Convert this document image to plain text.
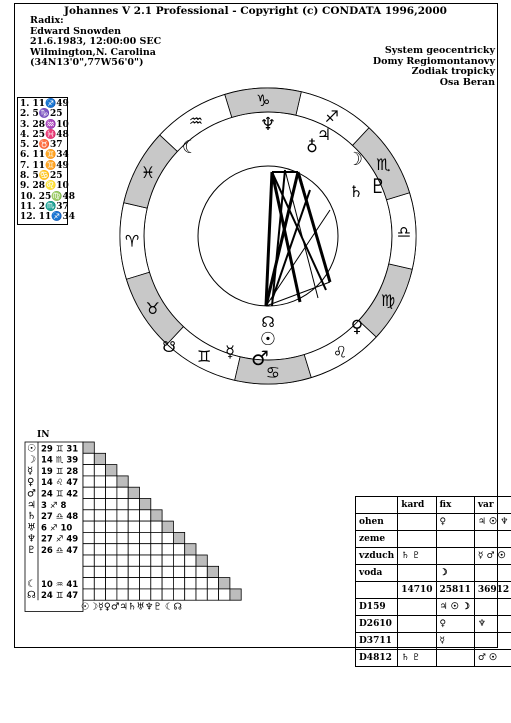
Johannes V 2.1 Professional - Copyright (c) CONDATA 1996,2000
Radix:
Edward Snowden
21.6.1983, 12:00:00 SEC
Wilmington,N. Carolina
(34N13'0",77W56'0")
System geocentricky
Domy Regiomontanovy
Zodiak tropicky
Osa Beran
1. 11♐49
2. 5♑25
3. 28♒10
4. 25♓48
5. 2♉37
6. 11♊34
7. 11♊49
8. 5♋25
9. 28♌10
10. 25♍48
11. 2♏37
12. 11♐34
♈
♉
♊
♋
♌
♍
♎
♏
♐
♑
♒
♓
♆	♃
♁
☽
♄ ♇
☊
☉
♀
☿ ♂
☋
☾
IN
☉ 29 ♊ 31
☽ 14 ♏ 39
☿ 19 ♊ 28
♀ 14 ♌ 47
♂ 24 ♊ 42
♃ 3 ♐ 8
♄ 27 ♎ 48
♅ 6 ♐ 10
♆ 27 ♐ 49
♇ 26 ♎ 47
☾ 10 ♒ 41
☊ 24 ♊ 47
☉☽☿♀♂♃♄♅♆♇ ☾☊
	kard	fix	var
ohen		♀	♃ ☉ ♆
zeme			
vzduch	♄ ♇		☿ ♂ ☉
voda		☽	
	14710	25811	36912
D159		♃ ☉ ☽	
D2610		♀	♆
D3711		☿	
D4812	♄ ♇		♂ ☉
